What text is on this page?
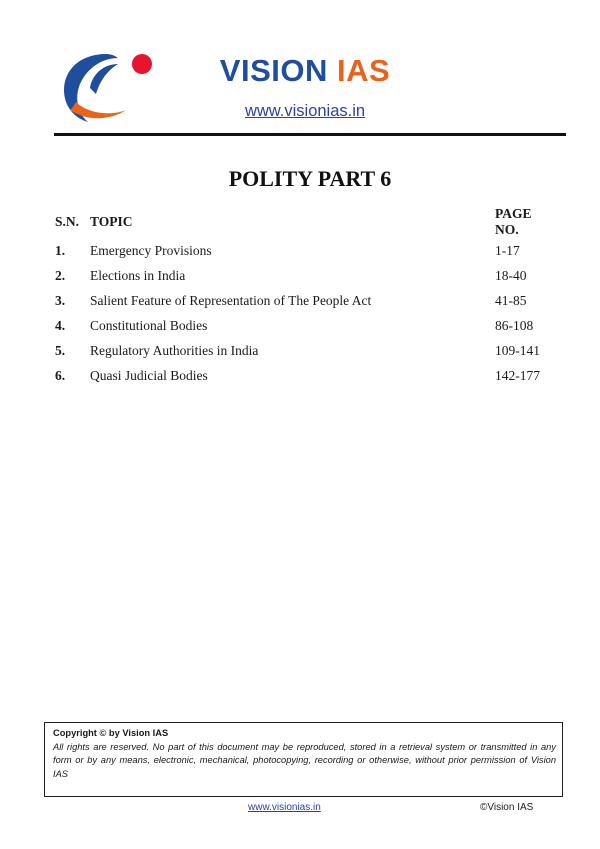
VISION IAS
www.visionias.in
POLITY PART 6
S.N.	TOPIC	PAGE NO.
1.	Emergency Provisions	1-17
2.	Elections in India	18-40
3.	Salient Feature of Representation of The People Act	41-85
4.	Constitutional Bodies	86-108
5.	Regulatory Authorities in India	109-141
6.	Quasi Judicial Bodies	142-177
Copyright © by Vision IAS
All rights are reserved. No part of this document may be reproduced, stored in a retrieval system or transmitted in any form or by any means, electronic, mechanical, photocopying, recording or otherwise, without prior permission of Vision IAS
www.visionias.in	©Vision IAS
